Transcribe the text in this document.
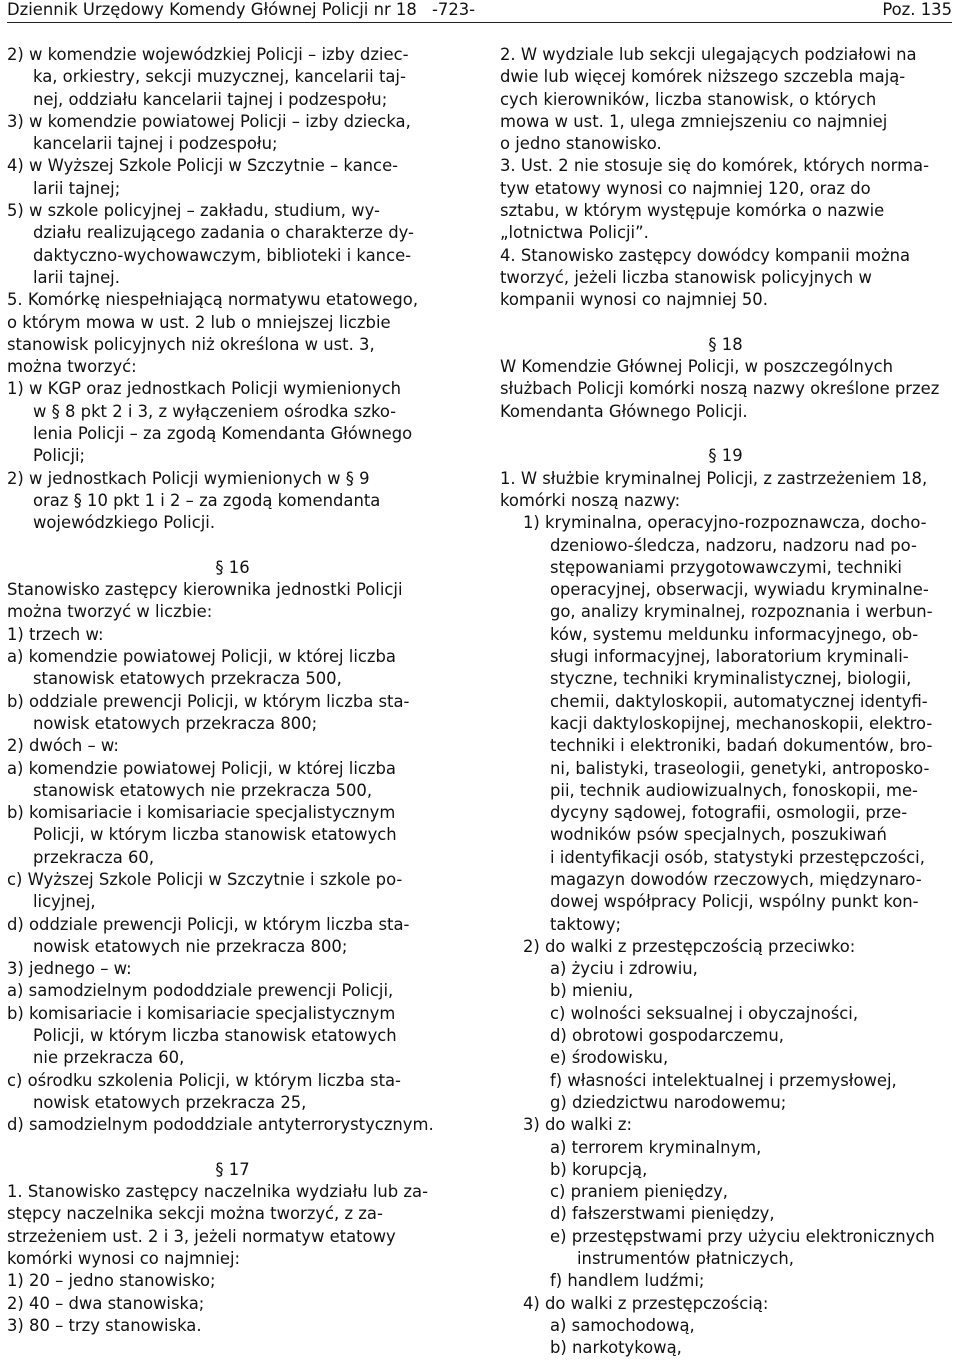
Dziennik Urzędowy Komendy Głównej Policji nr 18 -723-	Poz. 135

2) w komendzie wojewódzkiej Policji – izby dziec-

ka, orkiestry, sekcji muzycznej, kancelarii taj-

nej, oddziału kancelarii tajnej i podzespołu;

3) w komendzie powiatowej Policji – izby dziecka,

kancelarii tajnej i podzespołu;

4) w Wyższej Szkole Policji w Szczytnie – kance-

larii tajnej;

5) w szkole policyjnej – zakładu, studium, wy-

działu realizującego zadania o charakterze dy-

daktyczno-wychowawczym, biblioteki i kance-

larii tajnej.

5. Komórkę niespełniającą normatywu etatowego,

o którym mowa w ust. 2 lub o mniejszej liczbie

stanowisk policyjnych niż określona w ust. 3,

można tworzyć:

1) w KGP oraz jednostkach Policji wymienionych

w § 8 pkt 2 i 3, z wyłączeniem ośrodka szko-

lenia Policji – za zgodą Komendanta Głównego

Policji;

2) w jednostkach Policji wymienionych w § 9

oraz § 10 pkt 1 i 2 – za zgodą komendanta

wojewódzkiego Policji.

§ 16

Stanowisko zastępcy kierownika jednostki Policji

można tworzyć w liczbie:

1) trzech w:

a) komendzie powiatowej Policji, w której liczba

stanowisk etatowych przekracza 500,

b) oddziale prewencji Policji, w którym liczba sta-

nowisk etatowych przekracza 800;

2) dwóch – w:

a) komendzie powiatowej Policji, w której liczba

stanowisk etatowych nie przekracza 500,

b) komisariacie i komisariacie specjalistycznym

Policji, w którym liczba stanowisk etatowych

przekracza 60,

c) Wyższej Szkole Policji w Szczytnie i szkole po-

licyjnej,

d) oddziale prewencji Policji, w którym liczba sta-

nowisk etatowych nie przekracza 800;

3) jednego – w:

a) samodzielnym pododdziale prewencji Policji,

b) komisariacie i komisariacie specjalistycznym

Policji, w którym liczba stanowisk etatowych

nie przekracza 60,

c) ośrodku szkolenia Policji, w którym liczba sta-

nowisk etatowych przekracza 25,

d) samodzielnym pododdziale antyterrorystycznym.

§ 17

1. Stanowisko zastępcy naczelnika wydziału lub za-

stępcy naczelnika sekcji można tworzyć, z za-

strzeżeniem ust. 2 i 3, jeżeli normatyw etatowy

komórki wynosi co najmniej:

1) 20 – jedno stanowisko;

2) 40 – dwa stanowiska;

3) 80 – trzy stanowiska.

2. W wydziale lub sekcji ulegających podziałowi na

dwie lub więcej komórek niższego szczebla mają-

cych kierowników, liczba stanowisk, o których

mowa w ust. 1, ulega zmniejszeniu co najmniej

o jedno stanowisko.

3. Ust. 2 nie stosuje się do komórek, których norma-

tyw etatowy wynosi co najmniej 120, oraz do

sztabu, w którym występuje komórka o nazwie

„lotnictwa Policji”.

4. Stanowisko zastępcy dowódcy kompanii można

tworzyć, jeżeli liczba stanowisk policyjnych w

kompanii wynosi co najmniej 50.

§ 18

W Komendzie Głównej Policji, w poszczególnych

służbach Policji komórki noszą nazwy określone przez

Komendanta Głównego Policji.

§ 19

1. W służbie kryminalnej Policji, z zastrzeżeniem 18,

komórki noszą nazwy:

1) kryminalna, operacyjno-rozpoznawcza, docho-

dzeniowo-śledcza, nadzoru, nadzoru nad po-

stępowaniami przygotowawczymi, techniki

operacyjnej, obserwacji, wywiadu kryminalne-

go, analizy kryminalnej, rozpoznania i werbun-

ków, systemu meldunku informacyjnego, ob-

sługi informacyjnej, laboratorium kryminali-

styczne, techniki kryminalistycznej, biologii,

chemii, daktyloskopii, automatycznej identyfi-

kacji daktyloskopijnej, mechanoskopii, elektro-

techniki i elektroniki, badań dokumentów, bro-

ni, balistyki, traseologii, genetyki, antroposko-

pii, technik audiowizualnych, fonoskopii, me-

dycyny sądowej, fotografii, osmologii, prze-

wodników psów specjalnych, poszukiwań

i identyfikacji osób, statystyki przestępczości,

magazyn dowodów rzeczowych, międzynaro-

dowej współpracy Policji, wspólny punkt kon-

taktowy;

2) do walki z przestępczością przeciwko:

a) życiu i zdrowiu,

b) mieniu,

c) wolności seksualnej i obyczajności,

d) obrotowi gospodarczemu,

e) środowisku,

f) własności intelektualnej i przemysłowej,

g) dziedzictwu narodowemu;

3) do walki z:

a) terrorem kryminalnym,

b) korupcją,

c) praniem pieniędzy,

d) fałszerstwami pieniędzy,

e) przestępstwami przy użyciu elektronicznych

instrumentów płatniczych,

f) handlem ludźmi;

4) do walki z przestępczością:

a) samochodową,

b) narkotykową,
